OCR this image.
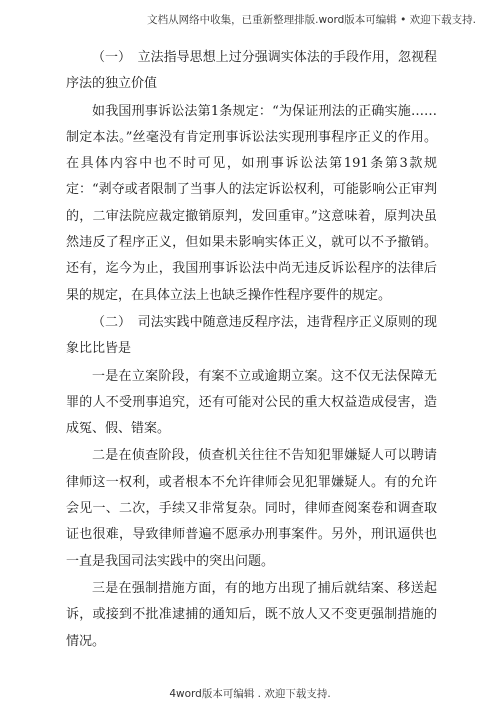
文档从网络中收集，已重新整理排版.word版本可编辑 • 欢迎下载支持.

（一）　立法指导思想上过分强调实体法的手段作用，忽视程序法的独立价值

如我国刑事诉讼法第1条规定：“为保证刑法的正确实施……制定本法。”丝毫没有肯定刑事诉讼法实现刑事程序正义的作用。在具体内容中也不时可见，如刑事诉讼法第191条第3款规定：“剥夺或者限制了当事人的法定诉讼权利，可能影响公正审判的，二审法院应裁定撤销原判，发回重审。”这意味着，原判决虽然违反了程序正义，但如果未影响实体正义，就可以不予撤销。还有，迄今为止，我国刑事诉讼法中尚无违反诉讼程序的法律后果的规定，在具体立法上也缺乏操作性程序要件的规定。

（二）　司法实践中随意违反程序法，违背程序正义原则的现象比比皆是

一是在立案阶段，有案不立或逾期立案。这不仅无法保障无罪的人不受刑事追究，还有可能对公民的重大权益造成侵害，造成冤、假、错案。

二是在侦查阶段，侦查机关往往不告知犯罪嫌疑人可以聘请律师这一权利，或者根本不允许律师会见犯罪嫌疑人。有的允许会见一、二次，手续又非常复杂。同时，律师查阅案卷和调查取证也很难，导致律师普遍不愿承办刑事案件。另外，刑讯逼供也一直是我国司法实践中的突出问题。

三是在强制措施方面，有的地方出现了捕后就结案、移送起诉，或接到不批准逮捕的通知后，既不放人又不变更强制措施的情况。

4word版本可编辑 . 欢迎下载支持.
